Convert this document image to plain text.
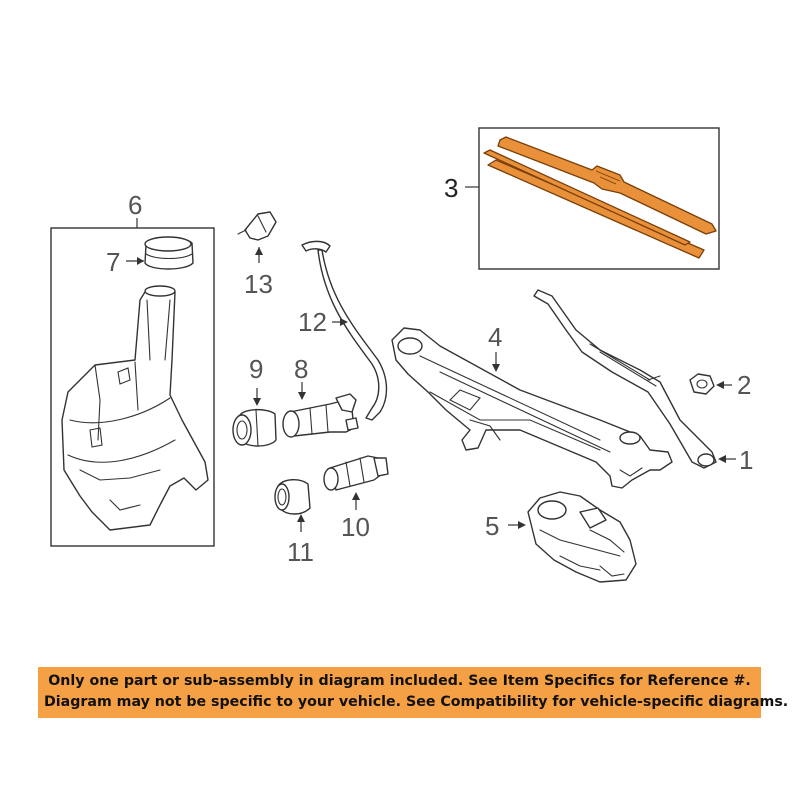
1
2
3
4
5
6
7
8
9
10
11
12
13
Only one part or sub-assembly in diagram included. See Item Specifics for Reference #.
Diagram may not be specific to your vehicle. See Compatibility for vehicle-specific diagrams.
